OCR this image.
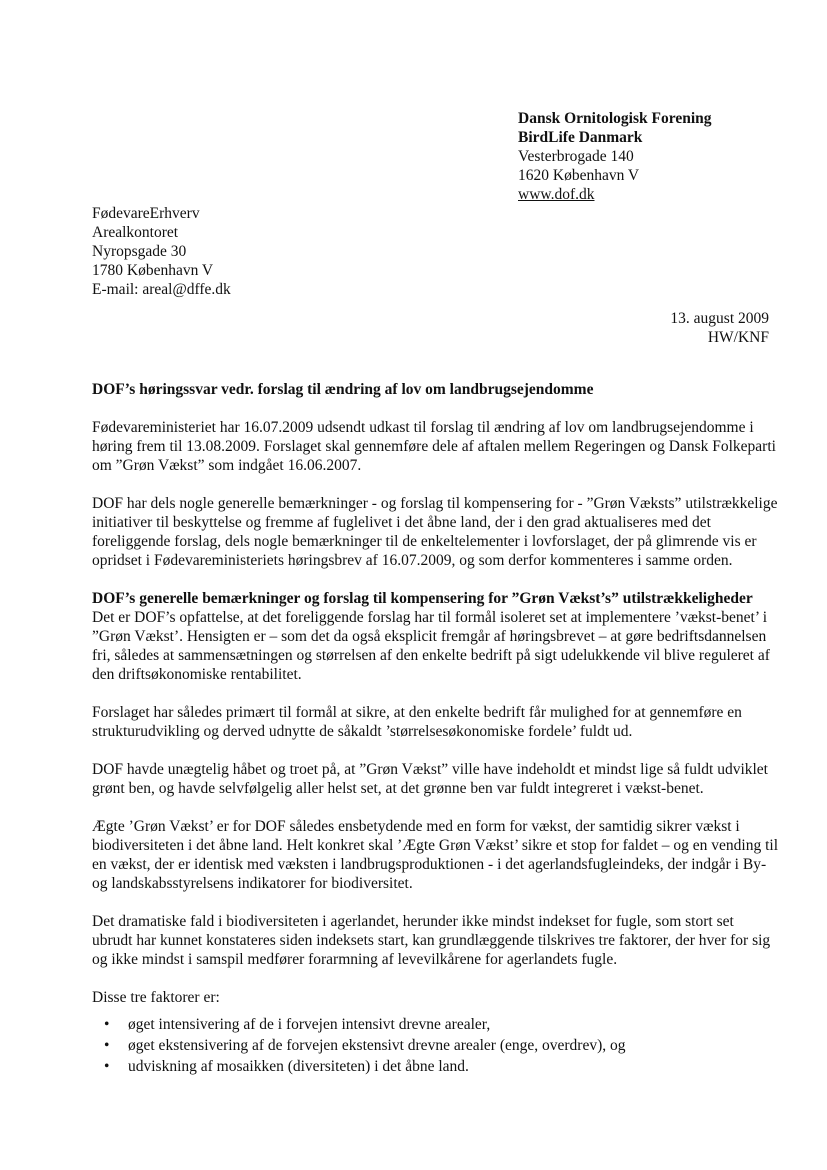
Dansk Ornitologisk Forening
BirdLife Danmark
Vesterbrogade 140
1620 København V
www.dof.dk
FødevareErhverv
Arealkontoret
Nyropsgade 30
1780 København V
E-mail: areal@dffe.dk
13. august 2009
HW/KNF
DOF’s høringssvar vedr. forslag til ændring af lov om landbrugsejendomme

Fødevareministeriet har 16.07.2009 udsendt udkast til forslag til ændring af lov om landbrugsejendomme i høring frem til 13.08.2009. Forslaget skal gennemføre dele af aftalen mellem Regeringen og Dansk Folkeparti om ”Grøn Vækst” som indgået 16.06.2007.

DOF har dels nogle generelle bemærkninger - og forslag til kompensering for - ”Grøn Væksts” utilstrækkelige initiativer til beskyttelse og fremme af fuglelivet i det åbne land, der i den grad aktualiseres med det foreliggende forslag, dels nogle bemærkninger til de enkeltelementer i lovforslaget, der på glimrende vis er opridset i Fødevareministeriets høringsbrev af 16.07.2009, og som derfor kommenteres i samme orden.

DOF’s generelle bemærkninger og forslag til kompensering for ”Grøn Vækst’s” utilstrækkeligheder
Det er DOF’s opfattelse, at det foreliggende forslag har til formål isoleret set at implementere ’vækst-benet’ i ”Grøn Vækst’. Hensigten er – som det da også eksplicit fremgår af høringsbrevet – at gøre bedriftsdannelsen fri, således at sammensætningen og størrelsen af den enkelte bedrift på sigt udelukkende vil blive reguleret af den driftsøkonomiske rentabilitet.

Forslaget har således primært til formål at sikre, at den enkelte bedrift får mulighed for at gennemføre en strukturudvikling og derved udnytte de såkaldt ’størrelsesøkonomiske fordele’ fuldt ud.

DOF havde unægtelig håbet og troet på, at ”Grøn Vækst” ville have indeholdt et mindst lige så fuldt udviklet grønt ben, og havde selvfølgelig aller helst set, at det grønne ben var fuldt integreret i vækst-benet.

Ægte ’Grøn Vækst’ er for DOF således ensbetydende med en form for vækst, der samtidig sikrer vækst i biodiversiteten i det åbne land. Helt konkret skal ’Ægte Grøn Vækst’ sikre et stop for faldet – og en vending til en vækst, der er identisk med væksten i landbrugsproduktionen - i det agerlandsfugleindeks, der indgår i By- og landskabsstyrelsens indikatorer for biodiversitet.

Det dramatiske fald i biodiversiteten i agerlandet, herunder ikke mindst indekset for fugle, som stort set ubrudt har kunnet konstateres siden indeksets start, kan grundlæggende tilskrives tre faktorer, der hver for sig og ikke mindst i samspil medfører forarmning af levevilkårene for agerlandets fugle.

Disse tre faktorer er:
• øget intensivering af de i forvejen intensivt drevne arealer,
• øget ekstensivering af de forvejen ekstensivt drevne arealer (enge, overdrev), og
• udviskning af mosaikken (diversiteten) i det åbne land.
